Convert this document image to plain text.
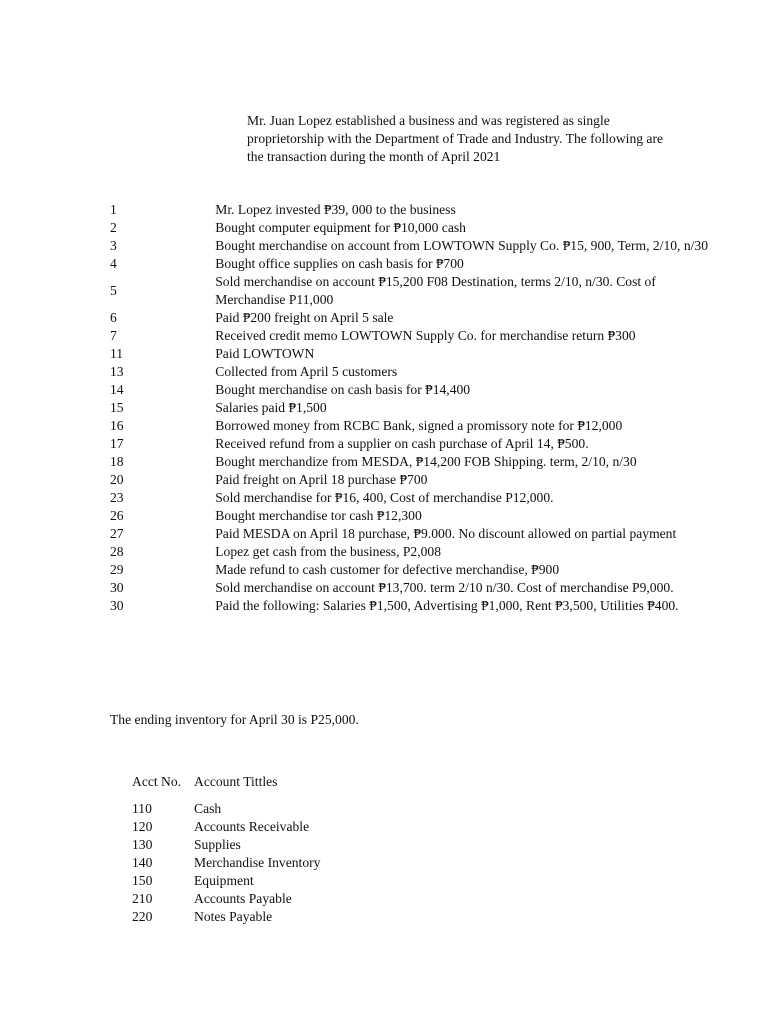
Mr. Juan Lopez established a business and was registered as single proprietorship with the Department of Trade and Industry. The following are the transaction during the month of April 2021
1	Mr. Lopez invested ₱39, 000 to the business
2	Bought computer equipment for ₱10,000 cash
3	Bought merchandise on account from LOWTOWN Supply Co. ₱15, 900, Term, 2/10, n/30
4	Bought office supplies on cash basis for ₱700
5	Sold merchandise on account ₱15,200 F08 Destination, terms 2/10, n/30. Cost of Merchandise P11,000
6	Paid ₱200 freight on April 5 sale
7	Received credit memo LOWTOWN Supply Co. for merchandise return ₱300
11	Paid LOWTOWN
13	Collected from April 5 customers
14	Bought merchandise on cash basis for ₱14,400
15	Salaries paid ₱1,500
16	Borrowed money from RCBC Bank, signed a promissory note for ₱12,000
17	Received refund from a supplier on cash purchase of April 14, ₱500.
18	Bought merchandize from MESDA, ₱14,200 FOB Shipping. term, 2/10, n/30
20	Paid freight on April 18 purchase ₱700
23	Sold merchandise for ₱16, 400, Cost of merchandise P12,000.
26	Bought merchandise tor cash ₱12,300
27	Paid MESDA on April 18 purchase, ₱9.000. No discount allowed on partial payment
28	Lopez get cash from the business, P2,008
29	Made refund to cash customer for defective merchandise, ₱900
30	Sold merchandise on account ₱13,700. term 2/10 n/30. Cost of merchandise P9,000.
30	Paid the following: Salaries ₱1,500, Advertising ₱1,000, Rent ₱3,500, Utilities ₱400.
The ending inventory for April 30 is P25,000.
Acct No.	Account Tittles
110	Cash
120	Accounts Receivable
130	Supplies
140	Merchandise Inventory
150	Equipment
210	Accounts Payable
220	Notes Payable
